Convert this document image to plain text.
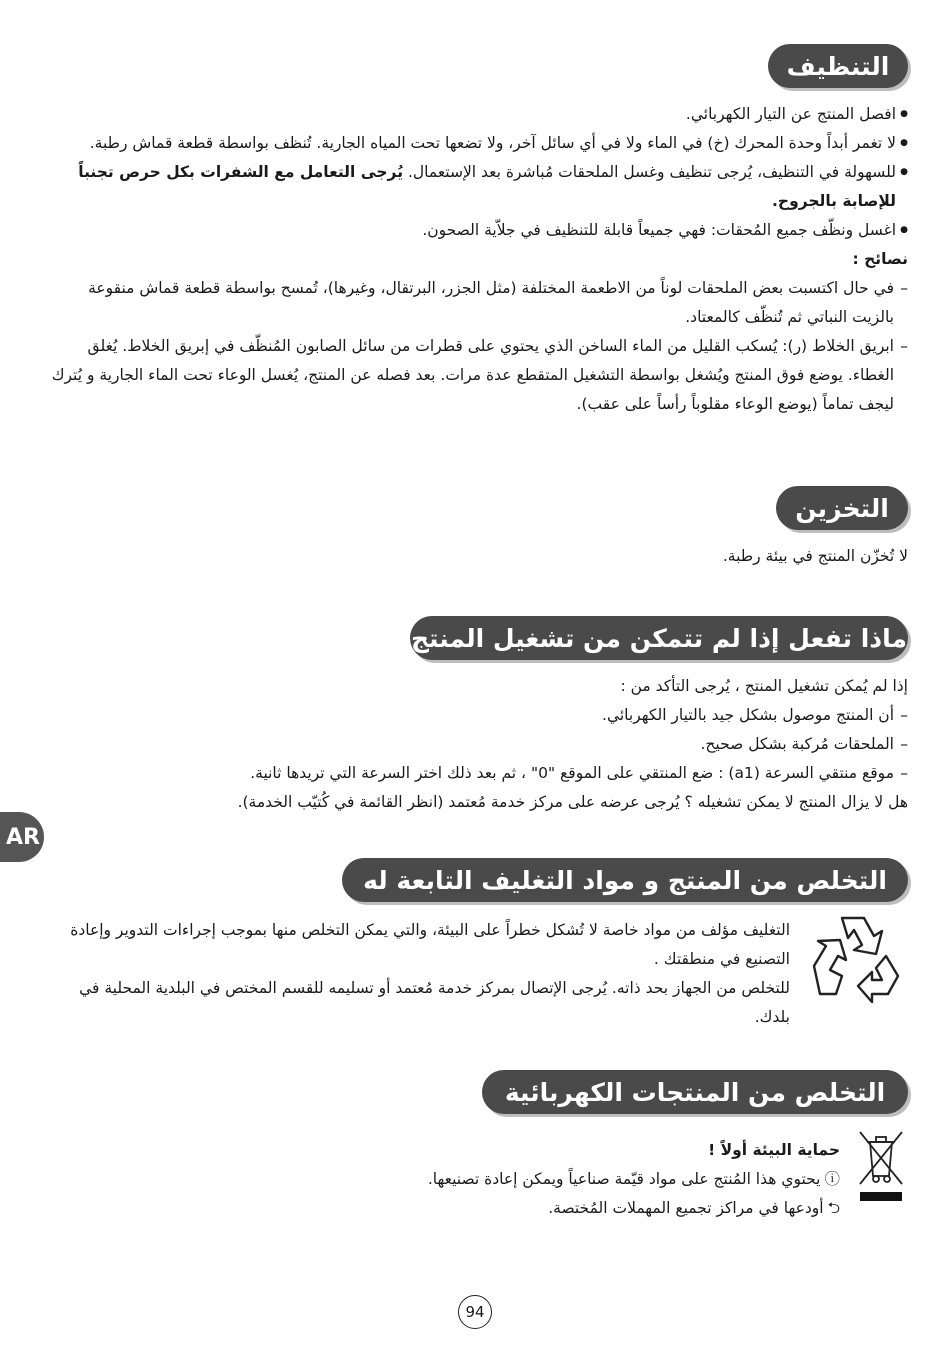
التنظيف

● افصل المنتج عن التيار الكهربائي.

● لا تغمر أبداً وحدة المحرك (خ) في الماء ولا في أي سائل آخر، ولا تضعها تحت المياه الجارية. تُنظف بواسطة قطعة قماش رطبة.

● للسهولة في التنظيف، يُرجى تنظيف وغسل الملحقات مُباشرة بعد الإستعمال. يُرجى التعامل مع الشفرات بكل حرص تجنباً للإصابة بالجروح.

● اغسل ونظّف جميع المُحقات: فهي جميعاً قابلة للتنظيف في جلاّية الصحون.

نصائح :

– في حال اكتسبت بعض الملحقات لوناً من الاطعمة المختلفة (مثل الجزر، البرتقال، وغيرها)، تُمسح بواسطة قطعة قماش منقوعة بالزيت النباتي ثم تُنظّف كالمعتاد.

– ابريق الخلاط (ر): يُسكب القليل من الماء الساخن الذي يحتوي على قطرات من سائل الصابون المُنظّف في إبريق الخلاط. يُغلق الغطاء. يوضع فوق المنتج ويُشغل بواسطة التشغيل المتقطع عدة مرات. بعد فصله عن المنتج، يُغسل الوعاء تحت الماء الجارية و يُترك ليجف تماماً (يوضع الوعاء مقلوباً رأساً على عقب).

التخزين

لا تُخزّن المنتج في بيئة رطبة.

ماذا تفعل إذا لم تتمكن من تشغيل المنتج

إذا لم يُمكن تشغيل المنتج ، يُرجى التأكد من :

– أن المنتج موصول بشكل جيد بالتيار الكهربائي.

– الملحقات مُركبة بشكل صحيح.

– موقع منتقي السرعة (a1) : ضع المنتقي على الموقع "0" ، ثم بعد ذلك اختر السرعة التي تريدها ثانية.

هل لا يزال المنتج لا يمكن تشغيله ؟ يُرجى عرضه على مركز خدمة مُعتمد (انظر القائمة في كُتيّب الخدمة).

AR
التخلص من المنتج و مواد التغليف التابعة له

التغليف مؤلف من مواد خاصة لا تُشكل خطراً على البيئة، والتي يمكن التخلص منها بموجب إجراءات التدوير وإعادة التصنيع في منطقتك .

للتخلص من الجهاز بحد ذاته. يُرجى الإتصال بمركز خدمة مُعتمد أو تسليمه للقسم المختص في البلدية المحلية في بلدك.

التخلص من المنتجات الكهربائية

حماية البيئة أولاً !

ⓘيحتوي هذا المُنتج على مواد قيّمة صناعياً ويمكن إعادة تصنيعها.

⮌أودعها في مراكز تجميع المهملات المُختصة.

94
